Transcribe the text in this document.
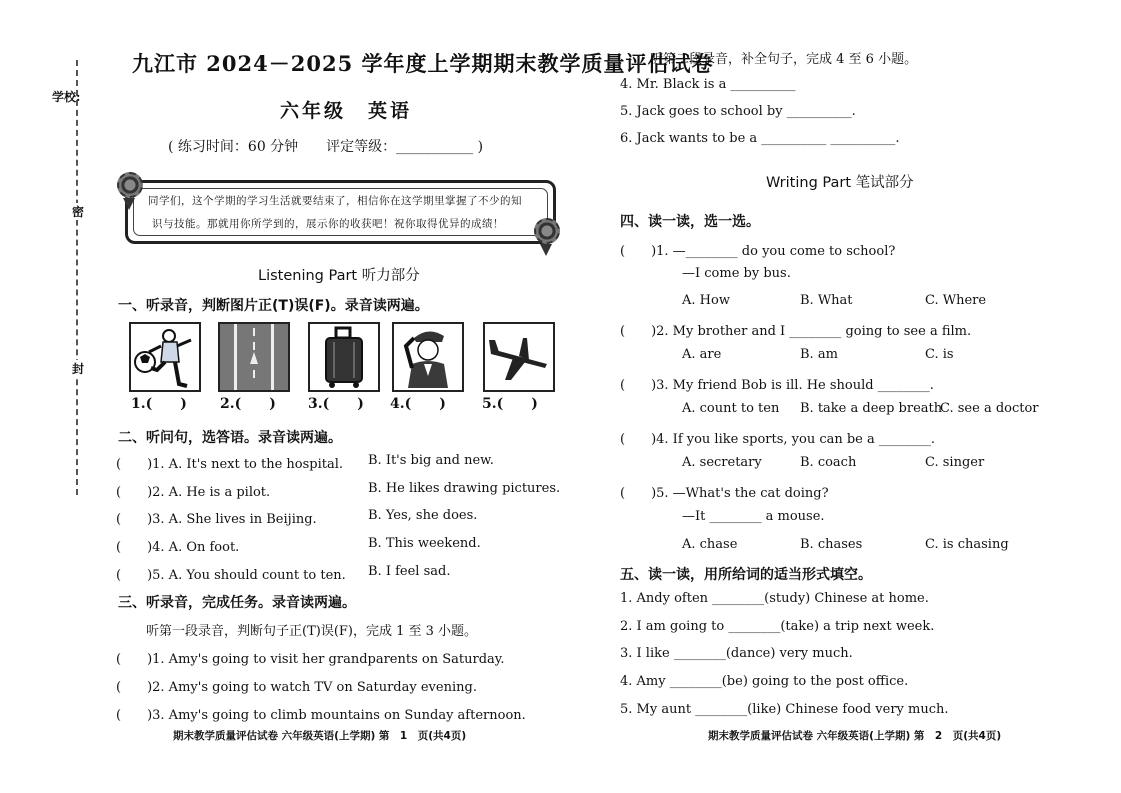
学校:
密
封
九江市 2024－2025 学年度上学期期末教学质量评估试卷
六年级　英语
( 练习时间：60 分钟　　评定等级：___________ )
同学们，这个学期的学习生活就要结束了，相信你在这学期里掌握了不少的知
识与技能。那就用你所学到的，展示你的收获吧！祝你取得优异的成绩！
Listening Part 听力部分
一、听录音，判断图片正(T)误(F)。录音读两遍。
1.(　　) 2.(　　) 3.(　　) 4.(　　)	5.(　　)
二、听问句，选答语。录音读两遍。
(　　)1. A. It's next to the hospital. B. It's big and new.
(　　)2. A. He is a pilot.	B. He likes drawing pictures.
(　　)3. A. She lives in Beijing.	B. Yes, she does.
(　　)4. A. On foot.	B. This weekend.
(　　)5. A. You should count to ten. B. I feel sad.
三、听录音，完成任务。录音读两遍。
听第一段录音，判断句子正(T)误(F)，完成 1 至 3 小题。
(　　)1. Amy's going to visit her grandparents on Saturday.
(　　)2. Amy's going to watch TV on Saturday evening.
(　　)3. Amy's going to climb mountains on Sunday afternoon.
期末教学质量评估试卷 六年级英语(上学期) 第　1　页(共4页)
听第二段录音，补全句子，完成 4 至 6 小题。
4. Mr. Black is a __________
5. Jack goes to school by __________.
6. Jack wants to be a __________ __________.
Writing Part 笔试部分
四、读一读，选一选。
(　　)1. —________ do you come to school?
—I come by bus.
A. How	B. What	C. Where
(　　)2. My brother and I ________ going to see a film.
A. are	B. am	C. is
(　　)3. My friend Bob is ill. He should ________.
A. count to ten B. take a deep breath
C. see a doctor
(　　)4. If you like sports, you can be a ________.
A. secretary	B. coach	C. singer
(　　)5. —What's the cat doing?
—It ________ a mouse.
A. chase	B. chases	C. is chasing
五、读一读，用所给词的适当形式填空。
1. Andy often ________(study) Chinese at home.
2. I am going to ________(take) a trip next week.
3. I like ________(dance) very much.
4. Amy ________(be) going to the post office.
5. My aunt ________(like) Chinese food very much.
期末教学质量评估试卷 六年级英语(上学期) 第　2　页(共4页)
